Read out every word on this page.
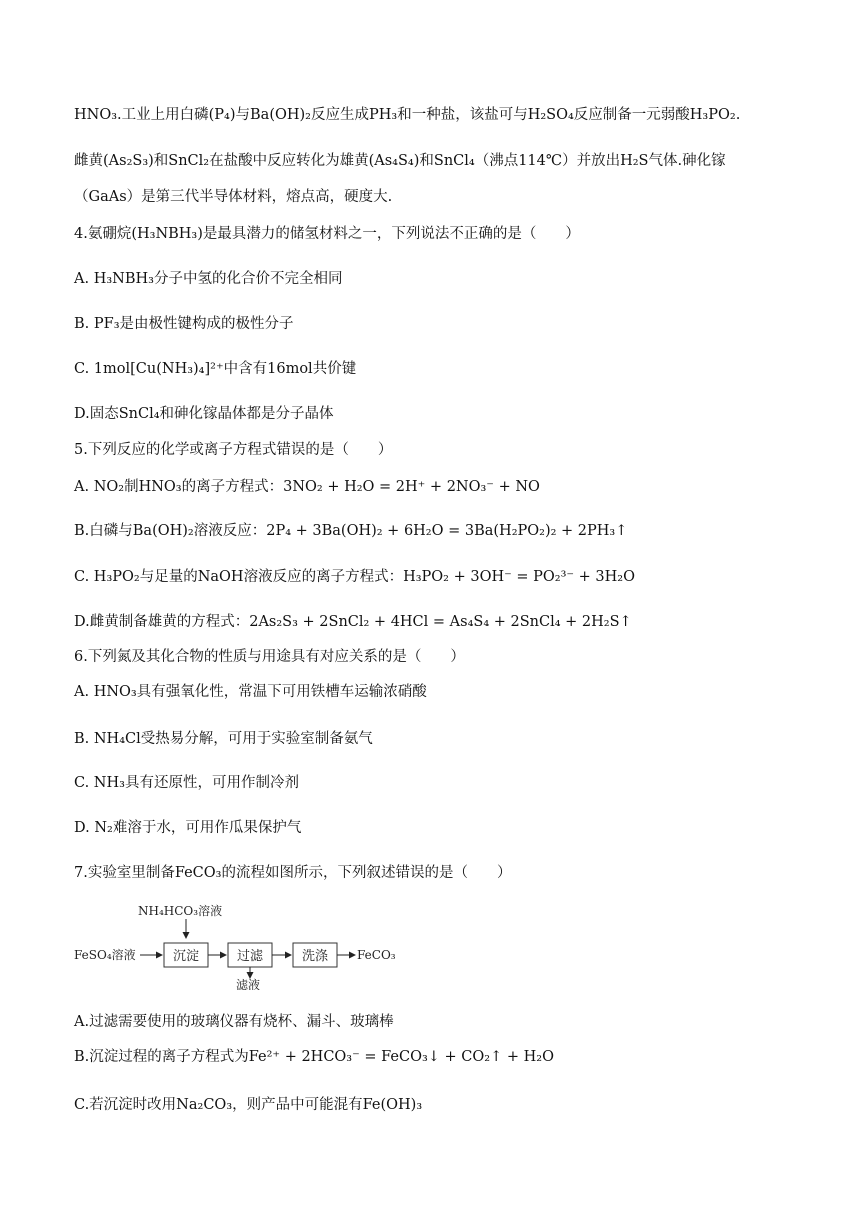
HNO₃.工业上用白磷(P₄)与Ba(OH)₂反应生成PH₃和一种盐，该盐可与H₂SO₄反应制备一元弱酸H₃PO₂.
雌黄(As₂S₃)和SnCl₂在盐酸中反应转化为雄黄(As₄S₄)和SnCl₄（沸点114℃）并放出H₂S气体.砷化镓
（GaAs）是第三代半导体材料，熔点高，硬度大.
4.氨硼烷(H₃NBH₃)是最具潜力的储氢材料之一，下列说法不正确的是（　　）
A. H₃NBH₃分子中氢的化合价不完全相同
B. PF₃是由极性键构成的极性分子
C. 1mol[Cu(NH₃)₄]²⁺中含有16mol共价键
D.固态SnCl₄和砷化镓晶体都是分子晶体
5.下列反应的化学或离子方程式错误的是（　　）
A. NO₂制HNO₃的离子方程式：3NO₂ + H₂O = 2H⁺ + 2NO₃⁻ + NO
B.白磷与Ba(OH)₂溶液反应：2P₄ + 3Ba(OH)₂ + 6H₂O = 3Ba(H₂PO₂)₂ + 2PH₃↑
C. H₃PO₂与足量的NaOH溶液反应的离子方程式：H₃PO₂ + 3OH⁻ = PO₂³⁻ + 3H₂O
D.雌黄制备雄黄的方程式：2As₂S₃ + 2SnCl₂ + 4HCl = As₄S₄ + 2SnCl₄ + 2H₂S↑
6.下列氮及其化合物的性质与用途具有对应关系的是（　　）
A. HNO₃具有强氧化性，常温下可用铁槽车运输浓硝酸
B. NH₄Cl受热易分解，可用于实验室制备氨气
C. NH₃具有还原性，可用作制冷剂
D. N₂难溶于水，可用作瓜果保护气
7.实验室里制备FeCO₃的流程如图所示，下列叙述错误的是（　　）
A.过滤需要使用的玻璃仪器有烧杯、漏斗、玻璃棒
B.沉淀过程的离子方程式为Fe²⁺ + 2HCO₃⁻ = FeCO₃↓ + CO₂↑ + H₂O
C.若沉淀时改用Na₂CO₃，则产品中可能混有Fe(OH)₃
NH₄HCO₃溶液
FeSO₄溶液	沉淀	过滤	洗涤 FeCO₃
滤液
